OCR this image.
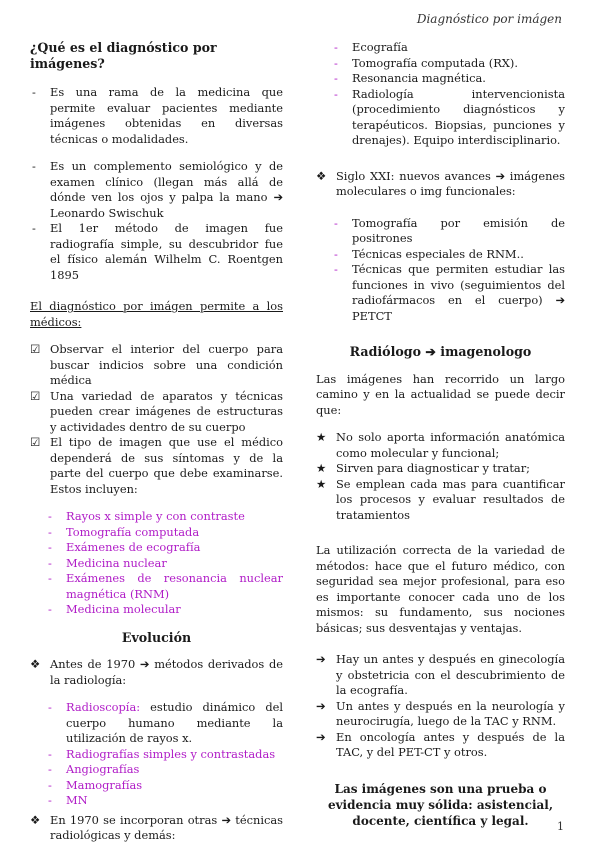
Diagnóstico por imágen
¿Qué es el diagnóstico por imágenes?
- Es una rama de la medicina que permite evaluar pacientes mediante imágenes obtenidas en diversas técnicas o modalidades.
- Es un complemento semiológico y de examen clínico (llegan más allá de dónde ven los ojos y palpa la mano ➔ Leonardo Swischuk
- El 1er método de imagen fue radiografía simple, su descubridor fue el físico alemán Wilhelm C. Roentgen 1895

El diagnóstico por imágen permite a los médicos:

☑ Observar el interior del cuerpo para buscar indicios sobre una condición médica
☑ Una variedad de aparatos y técnicas pueden crear imágenes de estructuras y actividades dentro de su cuerpo
☑ El tipo de imagen que use el médico dependerá de sus síntomas y de la parte del cuerpo que debe examinarse. Estos incluyen:
- Rayos x simple y con contraste
- Tomografía computada
- Exámenes de ecografía
- Medicina nuclear
- Exámenes de resonancia nuclear magnética (RNM)
- Medicina molecular
Evolución
❖ Antes de 1970 ➔ métodos derivados de la radiología:
- Radioscopía: estudio dinámico del cuerpo humano mediante la utilización de rayos x.
- Radiografías simples y contrastadas
- Angiografías
- Mamografías
- MN
❖ En 1970 se incorporan otras ➔ técnicas radiológicas y demás:
- Ecografía
- Tomografía computada (RX).
- Resonancia magnética.
- Radiología intervencionista (procedimiento diagnósticos y terapéuticos. Biopsias, punciones y drenajes). Equipo interdisciplinario.
❖ Siglo XXI: nuevos avances ➔ imágenes moleculares o img funcionales:
- Tomografía por emisión de positrones
- Técnicas especiales de RNM..
- Técnicas que permiten estudiar las funciones in vivo (seguimientos del radiofármacos en el cuerpo) ➔ PETCT
Radiólogo ➔ imagenologo

Las imágenes han recorrido un largo camino y en la actualidad se puede decir que:

★ No solo aporta información anatómica como molecular y funcional;
★ Sirven para diagnosticar y tratar;
★ Se emplean cada mas para cuantificar los procesos y evaluar resultados de tratamientos

La utilización correcta de la variedad de métodos: hace que el futuro médico, con seguridad sea mejor profesional, para eso es importante conocer cada uno de los mismos: su fundamento, sus nociones básicas; sus desventajas y ventajas.

➔ Hay un antes y después en ginecología y obstetricia con el descubrimiento de la ecografía.
➔ Un antes y después en la neurología y neurocirugía, luego de la TAC y RNM.
➔ En oncología antes y después de la TAC, y del PET-CT y otros.

Las imágenes son una prueba o evidencia muy sólida: asistencial, docente, científica y legal.	1
